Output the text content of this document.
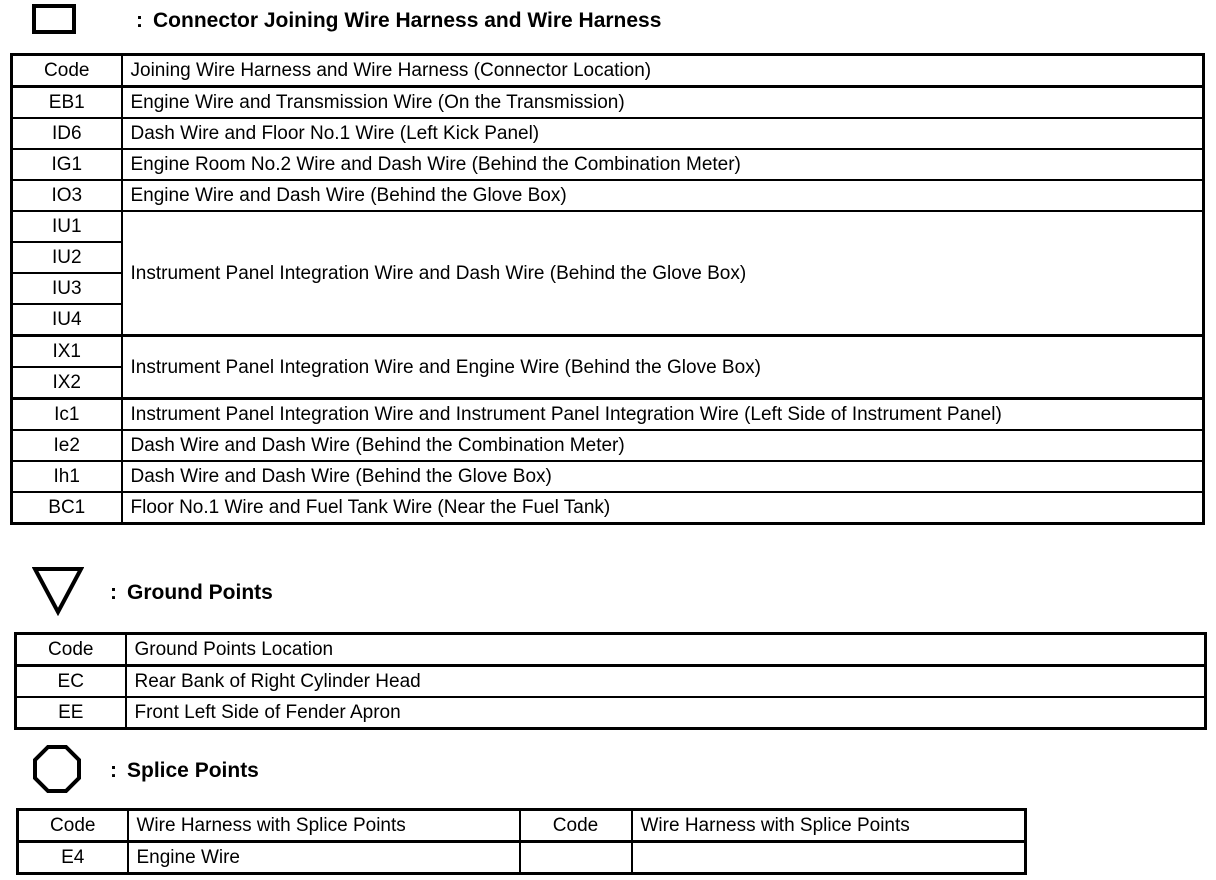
: Connector Joining Wire Harness and Wire Harness
Code	Joining Wire Harness and Wire Harness (Connector Location)
EB1	Engine Wire and Transmission Wire (On the Transmission)
ID6	Dash Wire and Floor No.1 Wire (Left Kick Panel)
IG1	Engine Room No.2 Wire and Dash Wire (Behind the Combination Meter)
IO3	Engine Wire and Dash Wire (Behind the Glove Box)
IU1	Instrument Panel Integration Wire and Dash Wire (Behind the Glove Box)
IU2	
IU3	
IU4	
IX1	Instrument Panel Integration Wire and Engine Wire (Behind the Glove Box)
IX2	
Ic1	Instrument Panel Integration Wire and Instrument Panel Integration Wire (Left Side of Instrument Panel)
Ie2	Dash Wire and Dash Wire (Behind the Combination Meter)
Ih1	Dash Wire and Dash Wire (Behind the Glove Box)
BC1	Floor No.1 Wire and Fuel Tank Wire (Near the Fuel Tank)
: Ground Points
Code	Ground Points Location
EC	Rear Bank of Right Cylinder Head
EE	Front Left Side of Fender Apron
: Splice Points
Code	Wire Harness with Splice Points	Code	Wire Harness with Splice Points
E4	Engine Wire		
